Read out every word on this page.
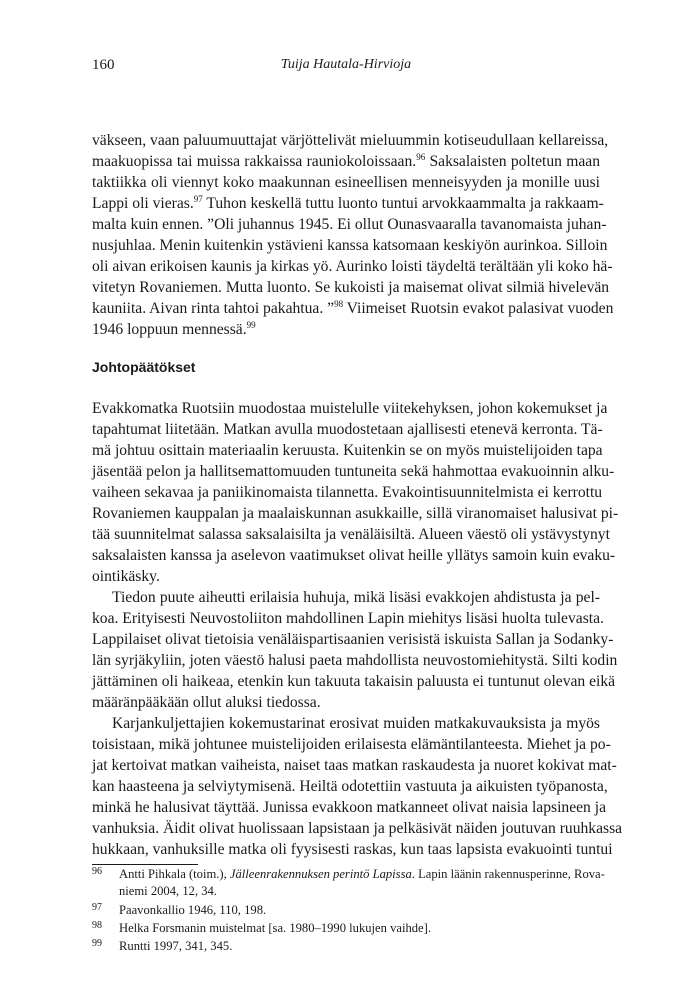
160	Tuija Hautala-Hirvioja
väkseen, vaan paluumuuttajat värjöttelivät mieluummin kotiseudullaan kellareissa,
maakuopissa tai muissa rakkaissa rauniokoloissaan.$^{96}$ Saksalaisten poltetun maan
taktiikka oli viennyt koko maakunnan esineellisen menneisyyden ja monille uusi
Lappi oli vieras.$^{97}$ Tuhon keskellä tuttu luonto tuntui arvokkaammalta ja rakkaam-
malta kuin ennen. ”Oli juhannus 1945. Ei ollut Ounasvaaralla tavanomaista juhan-
nusjuhlaa. Menin kuitenkin ystävieni kanssa katsomaan keskiyön aurinkoa. Silloin
oli aivan erikoisen kaunis ja kirkas yö. Aurinko loisti täydeltä terältään yli koko hä-
vitetyn Rovaniemen. Mutta luonto. Se kukoisti ja maisemat olivat silmiä hivelevän
kauniita. Aivan rinta tahtoi pakahtua. ”$^{98}$ Viimeiset Ruotsin evakot palasivat vuoden
1946 loppuun mennessä.$^{99}$
Johtopäätökset
Evakkomatka Ruotsiin muodostaa muistelulle viitekehyksen, johon kokemukset ja
tapahtumat liitetään. Matkan avulla muodostetaan ajallisesti etenevä kerronta. Tä-
mä johtuu osittain materiaalin keruusta. Kuitenkin se on myös muistelijoiden tapa
jäsentää pelon ja hallitsemattomuuden tuntuneita sekä hahmottaa evakuoinnin alku-
vaiheen sekavaa ja paniikinomaista tilannetta. Evakointisuunnitelmista ei kerrottu
Rovaniemen kauppalan ja maalaiskunnan asukkaille, sillä viranomaiset halusivat pi-
tää suunnitelmat salassa saksalaisilta ja venäläisiltä. Alueen väestö oli ystävystynyt
saksalaisten kanssa ja aselevon vaatimukset olivat heille yllätys samoin kuin evaku-
ointikäsky.
Tiedon puute aiheutti erilaisia huhuja, mikä lisäsi evakkojen ahdistusta ja pel-
koa. Erityisesti Neuvostoliiton mahdollinen Lapin miehitys lisäsi huolta tulevasta.
Lappilaiset olivat tietoisia venäläispartisaanien verisistä iskuista Sallan ja Sodanky-
län syrjäkyliin, joten väestö halusi paeta mahdollista neuvostomiehitystä. Silti kodin
jättäminen oli haikeaa, etenkin kun takuuta takaisin paluusta ei tuntunut olevan eikä
määränpääkään ollut aluksi tiedossa.
Karjankuljettajien kokemustarinat erosivat muiden matkakuvauksista ja myös
toisistaan, mikä johtunee muistelijoiden erilaisesta elämäntilanteesta. Miehet ja po-
jat kertoivat matkan vaiheista, naiset taas matkan raskaudesta ja nuoret kokivat mat-
kan haasteena ja selviytymisenä. Heiltä odotettiin vastuuta ja aikuisten työpanosta,
minkä he halusivat täyttää. Junissa evakkoon matkanneet olivat naisia lapsineen ja
vanhuksia. Äidit olivat huolissaan lapsistaan ja pelkäsivät näiden joutuvan ruuhkassa
hukkaan, vanhuksille matka oli fyysisesti raskas, kun taas lapsista evakuointi tuntui
96 Antti Pihkala (toim.), Jälleenrakennuksen perintö Lapissa. Lapin läänin rakennusperinne, Rova-
niemi 2004, 12, 34.
97 Paavonkallio 1946, 110, 198.
98 Helka Forsmanin muistelmat [sa. 1980–1990 lukujen vaihde].
99 Runtti 1997, 341, 345.
